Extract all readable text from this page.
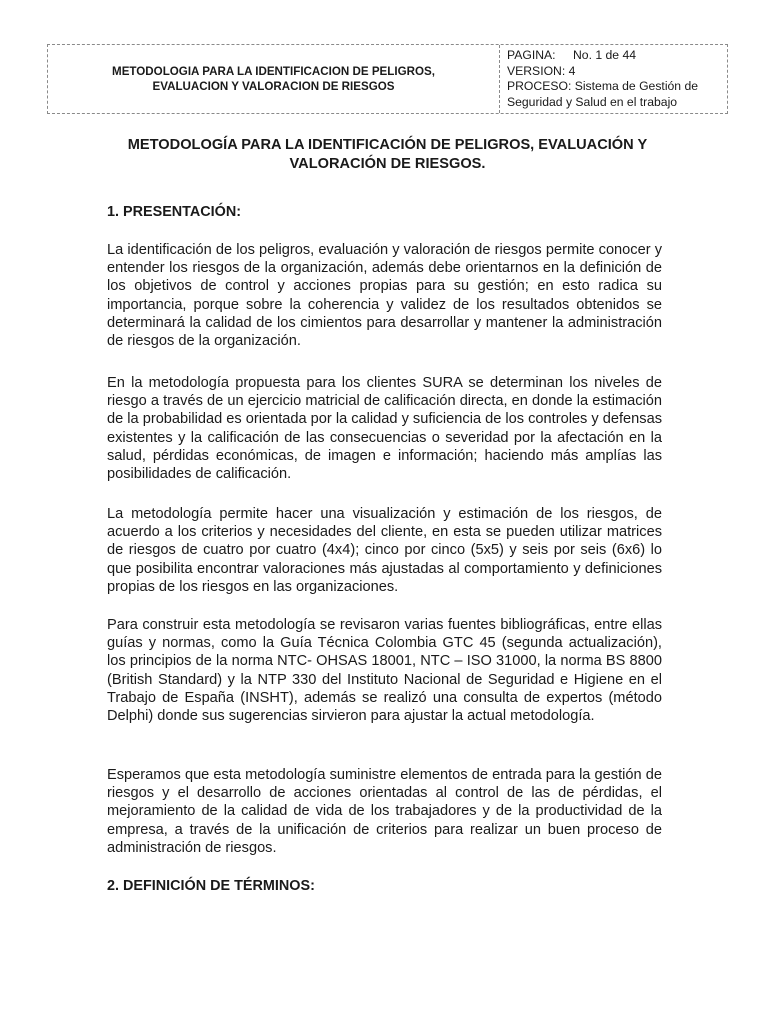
METODOLOGIA PARA LA IDENTIFICACION DE PELIGROS,
EVALUACION Y VALORACION DE RIESGOS
PAGINA: No. 1 de 44
VERSION: 4
PROCESO: Sistema de Gestión de
Seguridad y Salud en el trabajo
METODOLOGÍA PARA LA IDENTIFICACIÓN DE PELIGROS, EVALUACIÓN Y
VALORACIÓN DE RIESGOS.
1. PRESENTACIÓN:

La identificación de los peligros, evaluación y valoración de riesgos permite conocer y entender los riesgos de la organización, además debe orientarnos en la definición de los objetivos de control y acciones propias para su gestión; en esto radica su importancia, porque sobre la coherencia y validez de los resultados obtenidos se determinará la calidad de los cimientos para desarrollar y mantener la administración de riesgos de la organización.

En la metodología propuesta para los clientes SURA se determinan los niveles de riesgo a través de un ejercicio matricial de calificación directa, en donde la estimación de la probabilidad es orientada por la calidad y suficiencia de los controles y defensas existentes y la calificación de las consecuencias o severidad por la afectación en la salud, pérdidas económicas, de imagen e información; haciendo más amplías las posibilidades de calificación.

La metodología permite hacer una visualización y estimación de los riesgos, de acuerdo a los criterios y necesidades del cliente, en esta se pueden utilizar matrices de riesgos de cuatro por cuatro (4x4); cinco por cinco (5x5) y seis por seis (6x6) lo que posibilita encontrar valoraciones más ajustadas al comportamiento y definiciones propias de los riesgos en las organizaciones.

Para construir esta metodología se revisaron varias fuentes bibliográficas, entre ellas guías y normas, como la Guía Técnica Colombia GTC 45 (segunda actualización), los principios de la norma NTC- OHSAS 18001, NTC – ISO 31000, la norma BS 8800 (British Standard) y la NTP 330 del Instituto Nacional de Seguridad e Higiene en el Trabajo de España (INSHT), además se realizó una consulta de expertos (método Delphi) donde sus sugerencias sirvieron para ajustar la actual metodología.

Esperamos que esta metodología suministre elementos de entrada para la gestión de riesgos y el desarrollo de acciones orientadas al control de las de pérdidas, el mejoramiento de la calidad de vida de los trabajadores y de la productividad de la empresa, a través de la unificación de criterios para realizar un buen proceso de administración de riesgos.

2. DEFINICIÓN DE TÉRMINOS:
